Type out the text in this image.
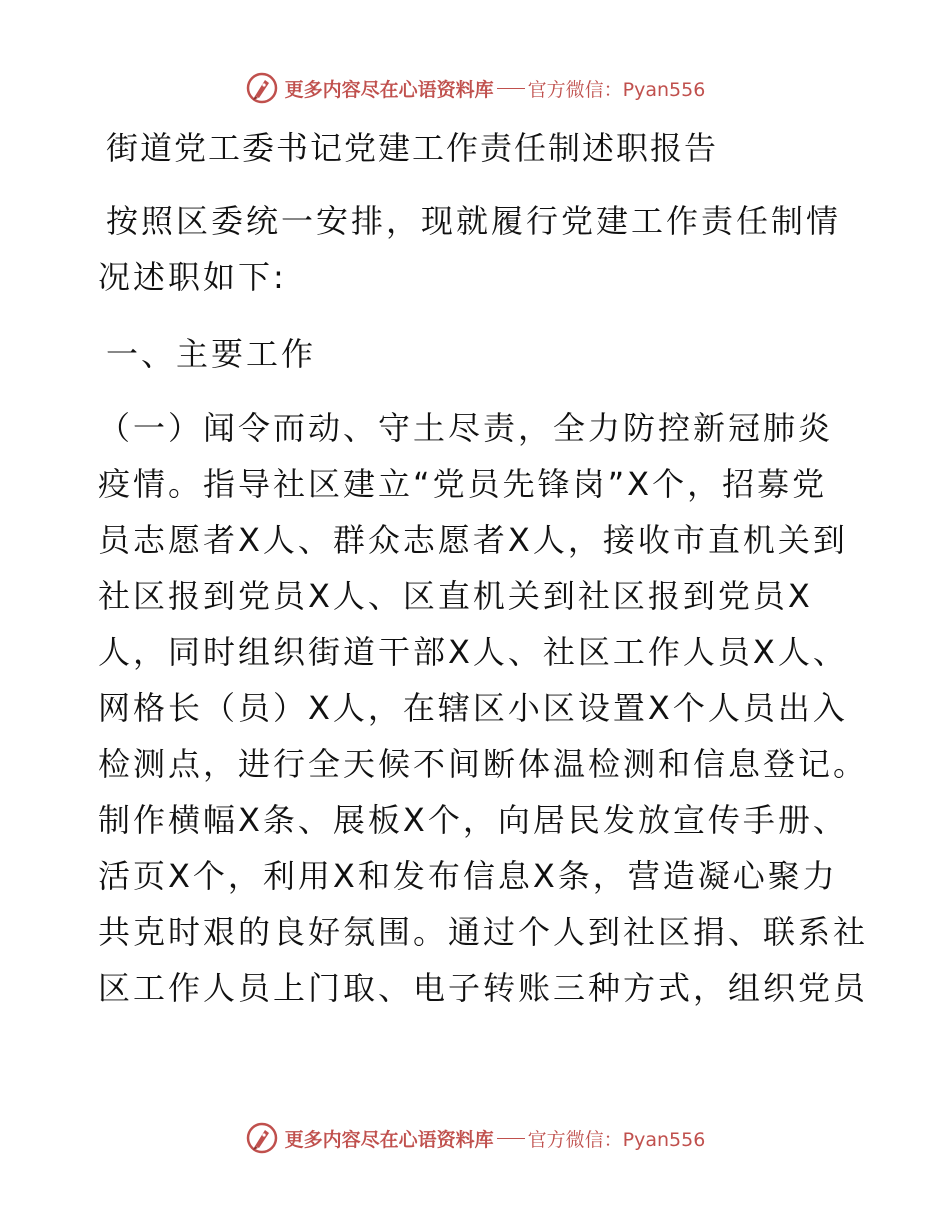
更多内容尽在心语资料库 官方微信：Pyan556
街道党工委书记党建工作责任制述职报告
按照区委统一安排，现就履行党建工作责任制情
况述职如下:
一、主要工作
（一）闻令而动、守土尽责，全力防控新冠肺炎
疫情。指导社区建立“党员先锋岗”X个，招募党
员志愿者X人、群众志愿者X人，接收市直机关到
社区报到党员X人、区直机关到社区报到党员X
人，同时组织街道干部X人、社区工作人员X人、
网格长（员）X人，在辖区小区设置X个人员出入
检测点，进行全天候不间断体温检测和信息登记。
制作横幅X条、展板X个，向居民发放宣传手册、
活页X个，利用X和发布信息X条，营造凝心聚力
共克时艰的良好氛围。通过个人到社区捐、联系社
区工作人员上门取、电子转账三种方式，组织党员
更多内容尽在心语资料库 官方微信：Pyan556
